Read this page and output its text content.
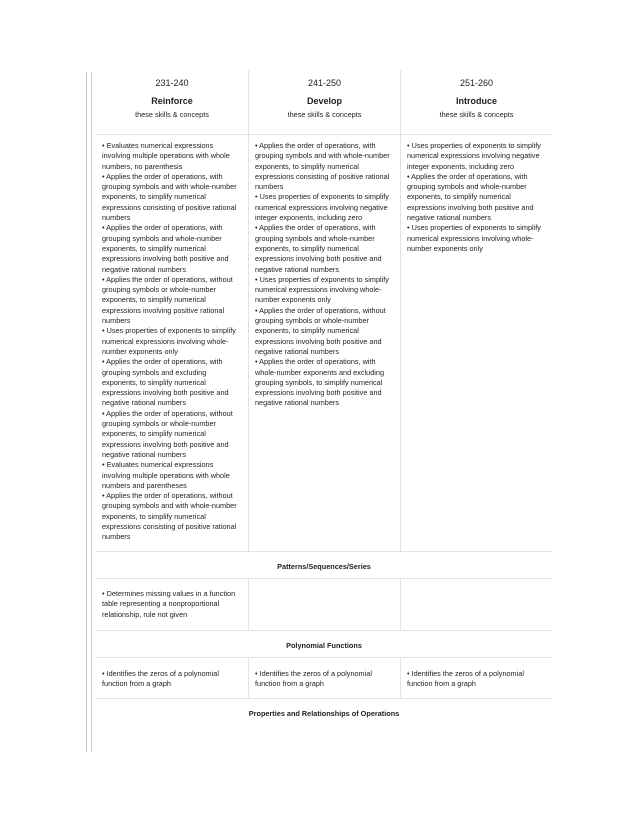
231-240
Reinforce
these skills & concepts
241-250
Develop
these skills & concepts
251-260
Introduce
these skills & concepts
• Evaluates numerical expressions involving multiple operations with whole numbers, no parenthesis
• Applies the order of operations, with grouping symbols and with whole-number exponents, to simplify numerical expressions consisting of positive rational numbers
• Applies the order of operations, with grouping symbols and whole-number exponents, to simplify numerical expressions involving both positive and negative rational numbers
• Applies the order of operations, without grouping symbols or whole-number exponents, to simplify numerical expressions involving positive rational numbers
• Uses properties of exponents to simplify numerical expressions involving whole-number exponents only
• Applies the order of operations, with grouping symbols and excluding exponents, to simplify numerical expressions involving both positive and negative rational numbers
• Applies the order of operations, without grouping symbols or whole-number exponents, to simplify numerical expressions involving both positive and negative rational numbers
• Evaluates numerical expressions involving multiple operations with whole numbers and parentheses
• Applies the order of operations, without grouping symbols and with whole-number exponents, to simplify numerical expressions consisting of positive rational numbers
• Applies the order of operations, with grouping symbols and with whole-number exponents, to simplify numerical expressions consisting of positive rational numbers
• Uses properties of exponents to simplify numerical expressions involving negative integer exponents, including zero
• Applies the order of operations, with grouping symbols and whole-number exponents, to simplify numerical expressions involving both positive and negative rational numbers
• Uses properties of exponents to simplify numerical expressions involving whole-number exponents only
• Applies the order of operations, without grouping symbols or whole-number exponents, to simplify numerical expressions involving both positive and negative rational numbers
• Applies the order of operations, with whole-number exponents and excluding grouping symbols, to simplify numerical expressions involving both positive and negative rational numbers
• Uses properties of exponents to simplify numerical expressions involving negative integer exponents, including zero
• Applies the order of operations, with grouping symbols and whole-number exponents, to simplify numerical expressions involving both positive and negative rational numbers
• Uses properties of exponents to simplify numerical expressions involving whole-number exponents only
Patterns/Sequences/Series
• Determines missing values in a function table representing a nonproportional relationship, rule not given
Polynomial Functions
• Identifies the zeros of a polynomial function from a graph
• Identifies the zeros of a polynomial function from a graph
• Identifies the zeros of a polynomial function from a graph
Properties and Relationships of Operations
